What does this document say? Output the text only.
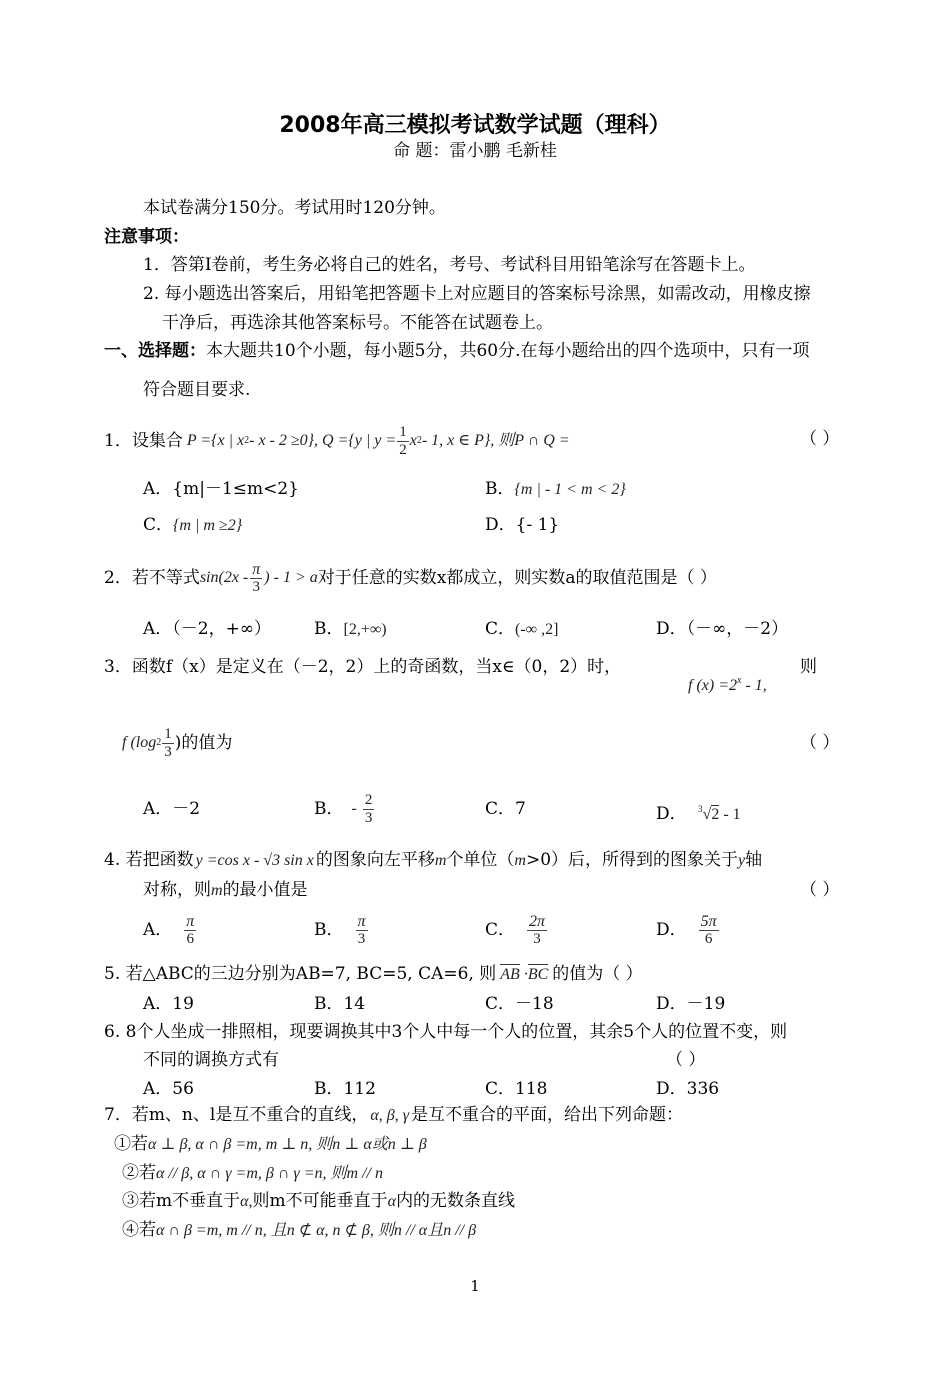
2008年高三模拟考试数学试题（理科）
命 题：雷小鹏 毛新桂
本试卷满分150分。考试用时120分钟。
注意事项：
1．答第I卷前，考生务必将自己的姓名，考号、考试科目用铅笔涂写在答题卡上。
2. 每小题选出答案后，用铅笔把答题卡上对应题目的答案标号涂黑，如需改动，用橡皮擦
干净后，再选涂其他答案标号。不能答在试题卷上。
一、选择题：本大题共10个小题，每小题5分，共60分.在每小题给出的四个选项中，只有一项
符合题目要求.
1．设集合 P ={x | x 2 - x - 2 ≥0}, Q ={y | $y = \frac{1}{2}$ x 2 - 1, x ∈ P}, 则P ∩ Q =	（ ）
A．{m|－1≤m<2}	B．{m | - 1 < m < 2}
C．{m | m ≥2}	D．{- 1}
2．若不等式 $\sin(2x - \frac{\pi}{3}$ ) - 1 > a 对于任意的实数x都成立，则实数a的取值范围是（ ）
A．（－2，+∞）	B．[2,+∞)	C．(-∞ ,2]	D．（－∞，－2）
3．函数f（x）是定义在（－2，2）上的奇函数，当x∈（0，2）时，
f $(x) =2^x - 1$,
则
f (log $2 \frac{1}{3}$ )的值为	（ ）
A．－2	B． - $\frac{2}{3}$	C．7	D． $^3$√2 - 1
4. 若把函数 y =cos x - √3 sin x 的图象向左平移m个单位（m>0）后，所得到的图象关于y轴
对称，则m的最小值是	（ ）
A． $\frac{\pi}{6}$	B． $\frac{\pi}{3}$	C． $\frac{2\pi}{3}$	D． $\frac{5\pi}{6}$
5. 若△ABC的三边分别为AB=7, BC=5, CA=6, 则 AB ·BC 的值为（ ）
A．19	B．14	C．－18	D．－19
6. 8个人坐成一排照相，现要调换其中3个人中每一个人的位置，其余5个人的位置不变，则
不同的调换方式有	（ ）
A．56	B．112	C．118	D．336
7．若m、n、l是互不重合的直线， α, β, γ 是互不重合的平面，给出下列命题：
①若α ⊥ β, α ∩ β =m, m ⊥ n, 则n ⊥ α或n ⊥ β
②若α // β, α ∩ γ =m, β ∩ γ =n, 则m // n
③若m不垂直于α,则m不可能垂直于α内的无数条直线
④若α ∩ β =m, m // n, 且n ⊄ α, n ⊄ β, 则n // α且n // β
1
